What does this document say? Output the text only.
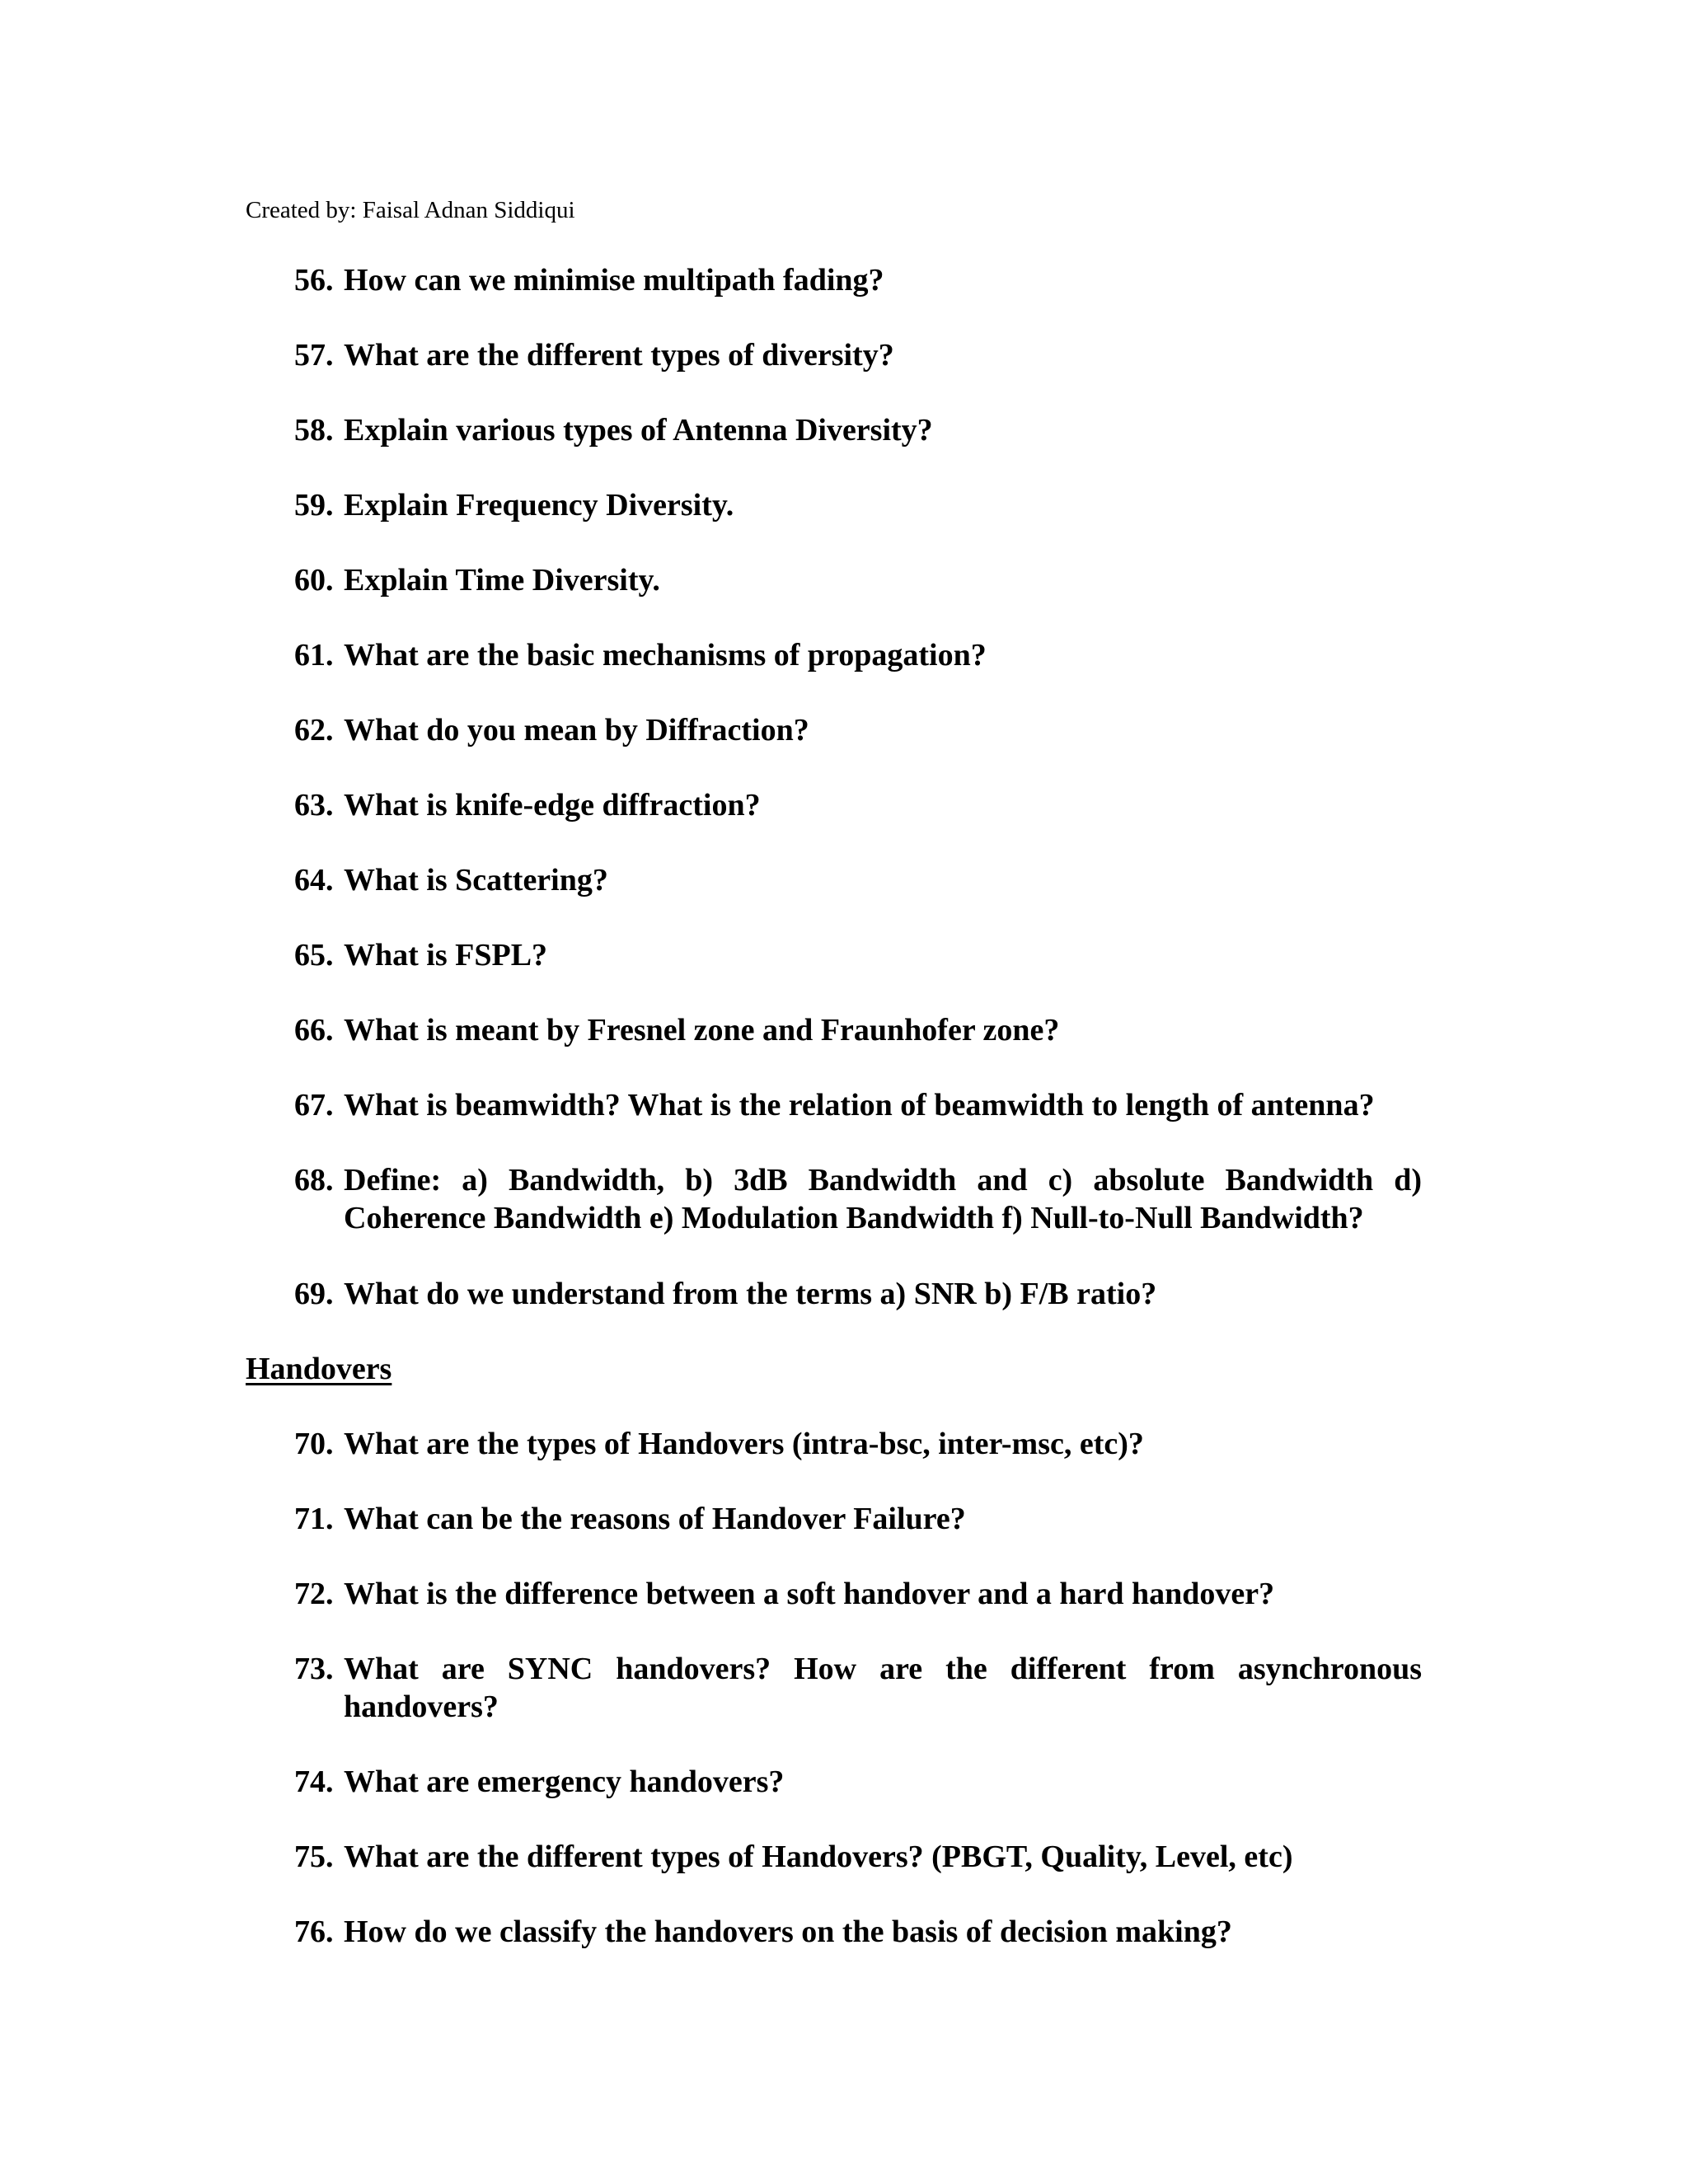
Created by: Faisal Adnan Siddiqui
56. How can we minimise multipath fading?
57. What are the different types of diversity?
58. Explain various types of Antenna Diversity?
59. Explain Frequency Diversity.
60. Explain Time Diversity.
61. What are the basic mechanisms of propagation?
62. What do you mean by Diffraction?
63. What is knife-edge diffraction?
64. What is Scattering?
65. What is FSPL?
66. What is meant by Fresnel zone and Fraunhofer zone?
67. What is beamwidth? What is the relation of beamwidth to length of antenna?
68. Define: a) Bandwidth, b) 3dB Bandwidth and c) absolute Bandwidth d) Coherence Bandwidth e) Modulation Bandwidth f) Null-to-Null Bandwidth?
69. What do we understand from the terms a) SNR b) F/B ratio?
Handovers
70. What are the types of Handovers (intra-bsc, inter-msc, etc)?
71. What can be the reasons of Handover Failure?
72. What is the difference between a soft handover and a hard handover?
73. What are SYNC handovers? How are the different from asynchronous handovers?
74. What are emergency handovers?
75. What are the different types of Handovers? (PBGT, Quality, Level, etc)
76. How do we classify the handovers on the basis of decision making?
